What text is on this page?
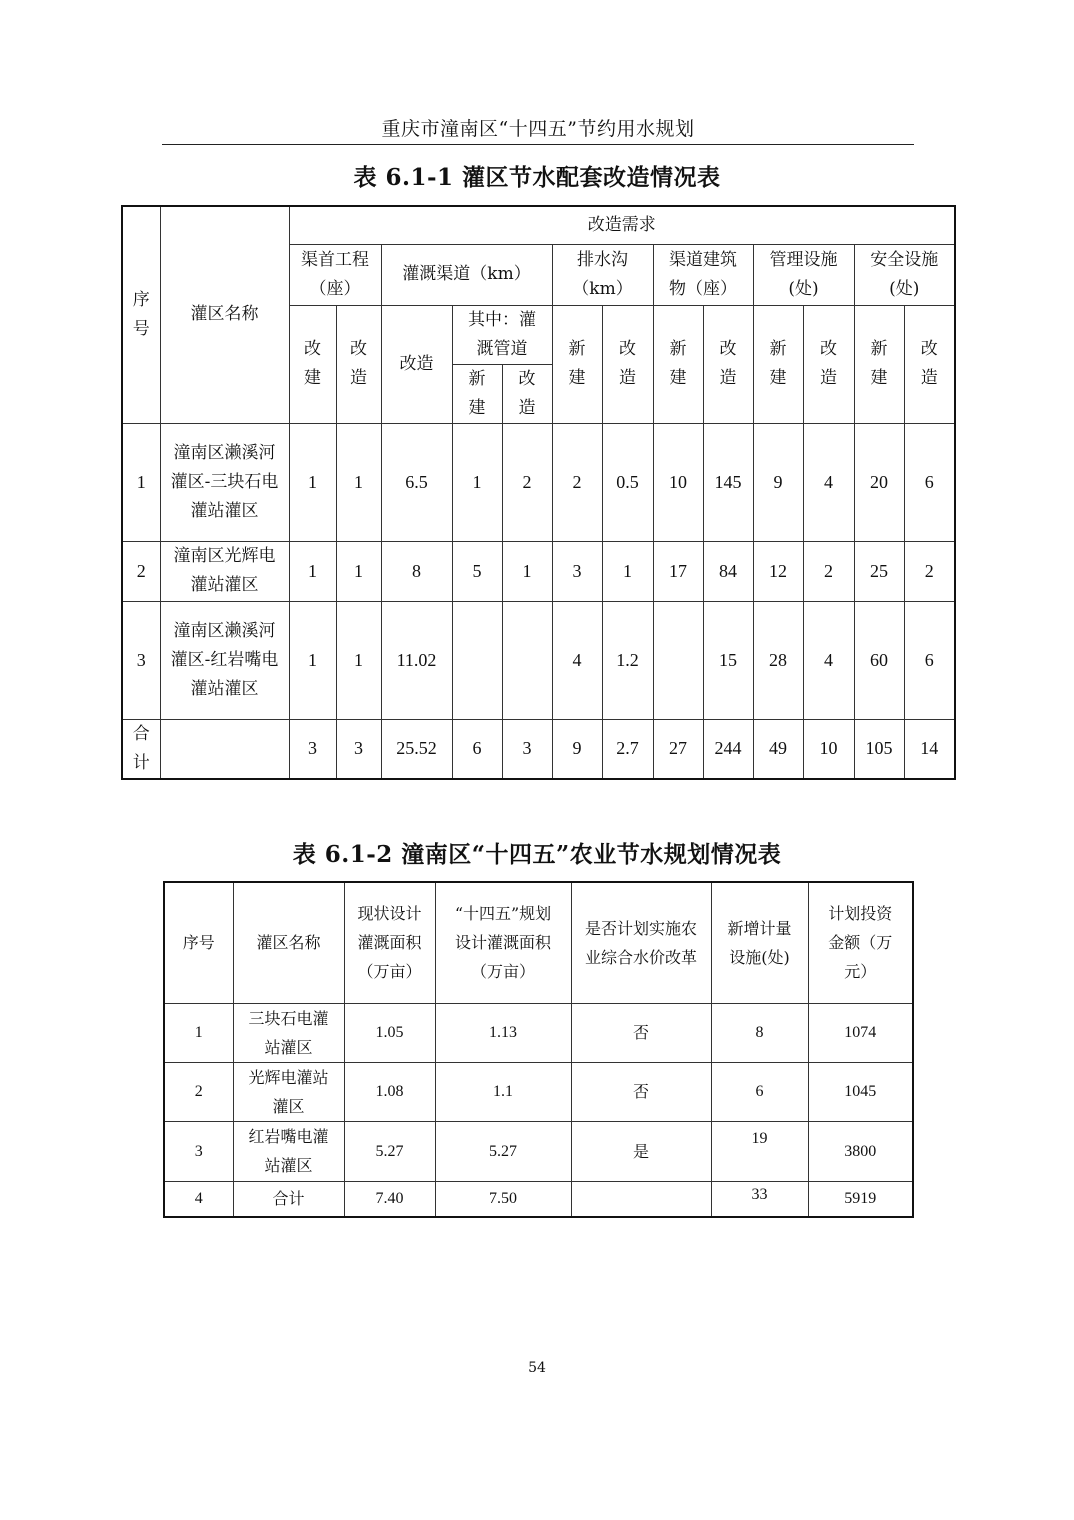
重庆市潼南区“十四五”节约用水规划
表 6.1-1 灌区节水配套改造情况表
序号	灌区名称	改造需求												
		渠首工程（座）		灌溉渠道（km）			排水沟（km）		渠道建筑物（座）		管理设施(处)		安全设施(处)	
		改建	改造	改造	其中：灌溉管道		新建	改造	新建	改造	新建	改造	新建	改造
					新建	改造								
1	潼南区濑溪河灌区-三块石电灌站灌区	1	1	6.5	1	2	2	0.5	10	145	9	4	20	6
2	潼南区光辉电灌站灌区	1	1	8	5	1	3	1	17	84	12	2	25	2
3	潼南区濑溪河灌区-红岩嘴电灌站灌区	1	1	11.02			4	1.2		15	28	4	60	6
合计		3	3	25.52	6	3	9	2.7	27	244	49	10	105	14
表 6.1-2 潼南区“十四五”农业节水规划情况表
序号	灌区名称	现状设计灌溉面积（万亩）	“十四五”规划设计灌溉面积（万亩）	是否计划实施农业综合水价改革	新增计量设施(处)	计划投资金额（万元）
1	三块石电灌站灌区	1.05	1.13	否	8	1074
2	光辉电灌站灌区	1.08	1.1	否	6	1045
3	红岩嘴电灌站灌区	5.27	5.27	是	19	3800
4	合计	7.40	7.50		33	5919
54
